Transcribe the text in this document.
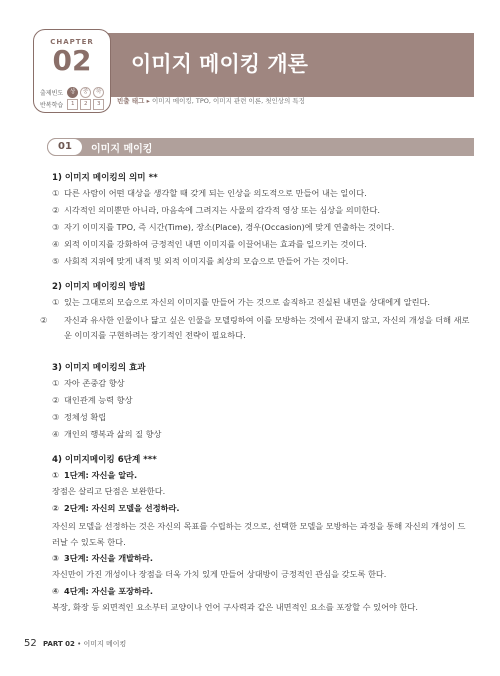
CHAPTER
02
출제빈도	상	중	하
반복학습	1	2	3
이미지 메이킹 개론
빈출 태그 ▸ 이미지 메이킹, TPO, 이미지 관련 이론, 첫인상의 특징
01	이미지 메이킹
1) 이미지 메이킹의 의미 **
① 다른 사람이 어떤 대상을 생각할 때 갖게 되는 인상을 의도적으로 만들어 내는 일이다.
② 시각적인 의미뿐만 아니라, 마음속에 그려지는 사물의 감각적 영상 또는 심상을 의미한다.
③ 자기 이미지를 TPO, 즉 시간(Time), 장소(Place), 경우(Occasion)에 맞게 연출하는 것이다.
④ 외적 이미지를 강화하여 긍정적인 내면 이미지를 이끌어내는 효과를 일으키는 것이다.
⑤ 사회적 지위에 맞게 내적 및 외적 이미지를 최상의 모습으로 만들어 가는 것이다.
2) 이미지 메이킹의 방법
① 있는 그대로의 모습으로 자신의 이미지를 만들어 가는 것으로 솔직하고 진실된 내면을 상대에게 알린다.
② 자신과 유사한 인물이나 닮고 싶은 인물을 모델링하여 이를 모방하는 것에서 끝내지 않고, 자신의 개성을 더해 새로운 이미지를 구현하려는 장기적인 전략이 필요하다.
3) 이미지 메이킹의 효과
① 자아 존중감 향상
② 대인관계 능력 향상
③ 정체성 확립
④ 개인의 행복과 삶의 질 향상
4) 이미지메이킹 6단계 ***
① 1단계: 자신을 알라.
장점은 살리고 단점은 보완한다.
② 2단계: 자신의 모델을 선정하라.
자신의 모델을 선정하는 것은 자신의 목표를 수립하는 것으로, 선택한 모델을 모방하는 과정을 통해 자신의 개성이 드러날 수 있도록 한다.
③ 3단계: 자신을 개발하라.
자신만이 가진 개성이나 장점을 더욱 가치 있게 만들어 상대방이 긍정적인 관심을 갖도록 한다.
④ 4단계: 자신을 포장하라.
복장, 화장 등 외면적인 요소부터 교양이나 언어 구사력과 같은 내면적인 요소를 포장할 수 있어야 한다.
52 PART 02 • 이미지 메이킹
